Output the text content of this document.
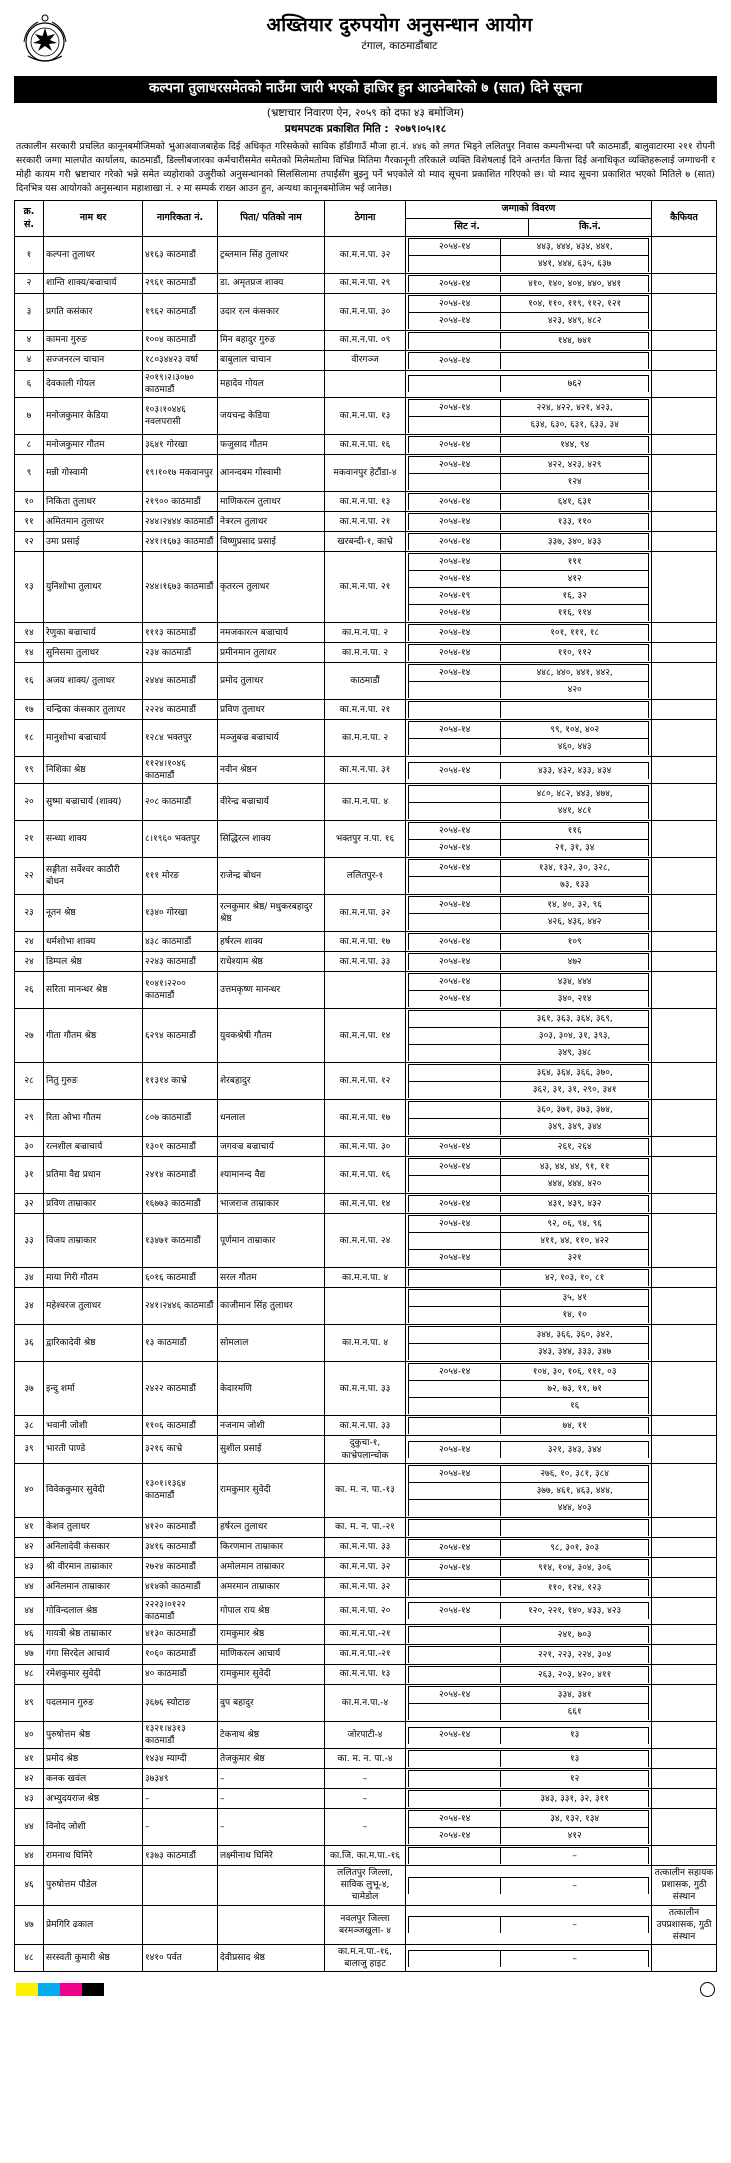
अख्तियार दुरुपयोग अनुसन्धान आयोग
टंगाल, काठमाडौंबाट
कल्पना तुलाधरसमेतको नाउँमा जारी भएको हाजिर हुन आउनेबारेको ७ (सात) दिने सूचना
(भ्रष्टाचार निवारण ऐन, २०५९ को दफा ४३ बमोजिम)
प्रथमपटक प्रकाशित मिति : २०७९।०५।१८
तत्कालीन सरकारी प्रचलित कानूनबमोजिमको भुआअवाजबाहेक दिई अधिकृत गरिसकेको साविक हाँडीगाउँ मौजा हा.नं. ४४६ को लगत भिड्ने ललितपुर निवास कम्पनीभन्दा परै काठमाडौं, बालुवाटारमा २११ रोपनी सरकारी जग्गा मालपोत कार्यालय, काठमाडौं, डिल्लीबजारका कर्मचारीसमेत समेतको मिलेमतोमा विभिन्न मितिमा गैरकानूनी तरिकाले व्यक्ति विशेषलाई दिने अन्तर्गत कित्ता दिई अनाधिकृत व्यक्तिहरूलाई जग्गाधनी र मोही कायम गरी भ्रष्टाचार गरेको भन्ने समेत व्यहोराको उजुरीको अनुसन्धानको सिलसिलामा तपाईंसँग बुझ्नु पर्ने भएकोले यो म्याद सूचना प्रकाशित गरिएको छ। यो म्याद सूचना प्रकाशित भएको मितिले ७ (सात) दिनभित्र यस आयोगको अनुसन्धान महाशाखा नं. २ मा सम्पर्क राख्न आउन हुन, अन्यथा कानूनबमोजिम भई जानेछ।
क्र.
सं.
	नाम थर	नागरिकता नं.	पिता/ पतिको नाम	ठेगाना	जग्गाको विवरण	कैफियत
सिट नं.	कि.नं.
१	कल्पना तुलाधर	४१६३ काठमाडौं	ट्रब्लमान सिंह तुलाधर	का.म.न.पा. ३२	
२०५४-१४	४४३, ४४४, ४३४, ४४१,
	४४१, ४४४, ६३५, ६३७

२	शान्ति शाक्य/बज्राचार्य	२९६१ काठमाडौं	डा. अमृतप्रज शाक्य	का.म.न.पा. २९		२०५४-१४	४१०, १४०, ४०४, ४४०, ४४१

३	प्रगति कसंकार	१९६२ काठमाडौं	उदार रत्न कंसकार	का.म.न.पा. ३०	
२०५४-१४	१०४, ११०, ११९, ११२, १२१
२०५४-१४	४२३, ४४९, ४८२

४	कामना गुरुङ	१००४ काठमाडौं	मिन बहादुर गुरुङ	का.म.न.पा. ०९	
		१४४, ७४१

४	सज्जनरत्न चाचान	१८०३४४२३ वर्षा	बाबुलाल चाचान	वीरगञ्ज		२०५४-१४	

६	देवकाली गोयल	२०१९।२।३०७० काठमाडौं	महादेव गोयल		
		७६२

७	मनोजकुमार केडिया	१०३।१०४४६ नवलपरासी	जयचन्द्र केडिया	का.म.न.पा. १३	
२०५४-१४	२२४, ४२२, ४२१, ४२३,
	६३४, ६३०, ६३१, ६३३, ३४

८	मनोजकुमार गौतम	३६४१ गोरखा	फजुसाद गौतम	का.म.न.पा. १६		२०५४-१४	१४४, ९४

९	मन्नी गोस्वामी	१९।१०१७ मकवानपुर	आनन्दबम गोस्वामी	मकवानपुर हेटौंडा-४	
२०५४-१४	४२२, ४२३, ४२९
	१२४

१०	निकिता तुलाधर	२१९०० काठमाडौं	माणिकरत्न तुलाधर	का.म.न.पा. १३		२०५४-१४	६४१, ६३१

११	अमितमान तुलाधर	२४४।२४४४ काठमाडौं	नेत्ररत्न तुलाधर	का.म.न.पा. २१		२०५४-१४	१३३, ११०

१२	उमा प्रसाई	२४१।१६७३ काठमाडौं	विष्णुप्रसाद प्रसाई	खरबन्दी-१, काभ्रे		२०५४-१४	३३७, ३४०, ४३३

१३	युनिशोभा तुलाधर	२४४।१६७३ काठमाडौं	कृतरत्न तुलाधर	का.म.न.पा. २१	
२०५४-१४	१११
२०५४-१४	४१२
२०५४-१९	१६, ३२
२०५४-१४	११६, ११४

१४	रेणुका बज्राचार्य	१११३ काठमाडौं	नमजकारत्न बज्राचार्य	का.म.न.पा. २		२०५४-१४	१०१, १११, १८

१४	सुनिसमा तुलाधर	२३४ काठमाडौं	प्रमीनमान तुलाधर	का.म.न.पा. २		२०५४-१४	११०, ११२

१६	अजय शाक्य/ तुलाधर	२४४४ काठमाडौं	प्रमोद तुलाधर	काठमाडौं	
२०५४-१४	४४८, ४४०, ४४१, ४४२,
	४२०

१७	चन्द्रिका कंसकार तुलाधर	२२२४ काठमाडौं	प्रविण तुलाधर	का.म.न.पा. २१	

१८	मानुशोभा बज्राचार्य	१२८४ भक्तपुर	मञ्जुबज्र बज्राचार्य	का.म.न.पा. २	
२०५४-१४	९९, १०४, ४०२
	४६०, ४४३

१९	निशिका श्रेष्ठ	११२४।१०४६ काठमाडौं	नवीन श्रेष्ठन	का.म.न.पा. ३१		२०५४-१४	४३३, ४३२, ४३३, ४३४

२०	सुष्मा बज्राचार्य (शाक्य)	२०८ काठमाडौं	वीरेन्द्र बज्राचार्य	का.म.न.पा. ४	
	४८०, ४८२, ४४३, ४७४,
	४४१, ४८१

२१	सन्ध्या शाक्य	८।१९६० भक्तपुर	सिद्धिरत्न शाक्य	भक्तपुर न.पा. १६	
२०५४-१४	११६
२०५४-१४	२१, ३१, ३४

२२	सङ्गीता सर्वेश्वर काठौरी बोधन	१११ मोरङ	राजेन्द्र बोधन	ललितपुर-१	
२०५४-१४	१३४, १३२, ३०, ३२८,
	७३, १३३

२३	नूतन श्रेष्ठ	१३४० गोरखा	रत्नकुमार श्रेष्ठ/ मधुकरबहादुर श्रेष्ठ	का.म.न.पा. ३२	
२०५४-१४	१४, ४०, ३२, ९६
	४२६, ४३६, ४४२

२४	धर्मशोभा शाक्य	४३८ काठमाडौं	हर्षरत्न शाक्य	का.म.न.पा. १७		२०५४-१४	१०९

२४	डिम्पल श्रेष्ठ	२२४३ काठमाडौं	राधेश्याम श्रेष्ठ	का.म.न.पा. ३३		२०५४-१४	४७२

२६	सरिता मानन्धर श्रेष्ठ	१०४१।२२०० काठमाडौं	उत्तमकृष्ण मानन्धर		
२०५४-१४	४३४, ४४४
२०५४-१४	३४०, २१४

२७	गीता गौतम श्रेष्ठ	६२९४ काठमाडौं	युवकश्रेषी गौतम	का.म.न.पा. १४	
	३६१, ३६३, ३६४, ३६९,
	३०३, ३०४, ३१, ३९३,
	३४९, ३४८

२८	नितु गुरुङ	११३१४ काभ्रे	शेरबहादुर	का.म.न.पा. १२	
	३६४, ३६४, ३६६, ३७०,
	३६२, ३१, ३१, २९०, ३४१

२९	रिता ओभा गौतम	८०७ काठमाडौं	धनलाल	का.म.न.पा. १७	
	३६०, ३७१, ३७३, ३७४,
	३४९, ३४९, ३४४

३०	रत्नशील बज्राचार्य	१३०१ काठमाडौं	जगवज्र बज्राचार्य	का.म.न.पा. ३०		२०५४-१४	२६१, २६४

३१	प्रतिमा वैद्य प्रधान	२४१४ काठमाडौं	श्यामानन्द वैद्य	का.म.न.पा. १६	
२०५४-१४	४३, ४४, ४४, ९१, ११
	४४४, ४४४, ४२०

३२	प्रविण ताम्राकार	१६७७३ काठमाडौं	भाजराज ताम्राकार	का.म.न.पा. १४		२०५४-१४	४३१, ४३९, ४३२

३३	विजय ताम्राकार	१३४७१ काठमाडौं	पूर्णमान ताम्राकार	का.म.न.पा. २४	
२०५४-१४	९२, ०६, ९४, ९६
	४११, ४४, ११०, ४२२
२०५४-१४	३२१

३४	माया गिरी गौतम	६०१६ काठमाडौं	सरल गौतम	का.म.न.पा. ४	
		४२, १०३, १०, ८१

३४	महेश्वरज तुलाधर	२४१।२४४६ काठमाडौं	काजीमान सिंह तुलाधर		
	३५, ४१
	१४, १०

३६	द्वारिकादेवी श्रेष्ठ	१३ काठमाडौं	सोमलाल	का.म.न.पा. ४	
	३४४, ३६६, ३६०, ३४२,
	३४३, ३४४, ३३३, ३४७

३७	इन्दु शर्मा	२४२२ काठमाडौं	केदारमणि	का.म.न.पा. ३३	
२०५४-१४	१०४, ३०, १०६, १११, ०३
	७२, ७३, ११, ७१
	१६

३८	भवानी जोशी	११०६ काठमाडौं	नजनाम जोशी	का.म.न.पा. ३३	
		७४, ११

३९	भारती पाण्डे	३२१६ काभ्रे	सुशील प्रसाई	दुकुचा-१, काभ्रेपलान्चोक	
२०५४-१४	३२१, ३४३, ३४४

४०	विवेककुमार सुवेदी	१३०१।१३६४ काठमाडौं	रामकुमार सुवेदी	का. म. न. पा.-१३	
२०५४-१४	२७६, १०, ३८१, ३८४
	३७७, ४६१, ४६३, ४४४,
	४४४, ४०३

४१	केशव तुलाधर	४१२० काठमाडौं	हर्षरत्न तुलाधर	का. म. न. पा.-२१	

४२	अनिलादेवी कंसकार	३४१६ काठमाडौं	किरणमान ताम्राकार	का.म.न.पा. ३३		२०५४-१४	९८, ३०१, ३०३

४३	श्री वीरमान ताम्राकार	२७२४ काठमाडौं	अमोलमान ताम्राकार	का.म.न.पा. ३२		२०५४-१४	९१४, १०४, ३०४, ३०६

४४	अनिलमान ताम्राकार	४१४को काठमाडौं	अमरमान ताम्राकार	का.म.न.पा. ३२	
		११०, १२४, १२३

४४	गोविन्दलाल श्रेष्ठ	२२२३।०१२२ काठमाडौं	गोपाल राय श्रेष्ठ	का.म.न.पा. २०		२०५४-१४	१२०, २२१, १४०, ४३३, ४२३

४६	गायत्री श्रेष्ठ ताम्राकार	४१३० काठमाडौं	रामकुमार श्रेष्ठ	का.म.न.पा.-२१	
		२४१, ७०३

४७	गंगा सिरदेल आचार्य	१०६० काठमाडौं	माणिकरत्न आचार्य	का.म.न.पा.-२१	
		२२१, २२३, २२४, ३०४

४८	रमेशकुमार सुवेदी	४० काठमाडौं	रामकुमार सुवेदी	का.म.न.पा. १३	
		२६३, २०३, ४२०, ४११

४९	पदलमान गुरुङ	३६७६ स्योटाङ	वुप बहादुर	का.म.न.पा.-४	
२०५४-१४	३३४, ३४१
	६६१

४०	पुरुषोत्तम श्रेष्ठ	१३२१।४३१३ काठमाडौं	टेकनाथ श्रेष्ठ	जोरपाटी-४		२०५४-१४	१३

४१	प्रमोद श्रेष्ठ	१४३४ म्याग्दी	तेजकुमार श्रेष्ठ	का. म. न. पा.-४	
		१३

४२	कनक खवंल	३७३४९	–	–	
		१२

४३	अभ्युदयराज श्रेष्ठ	–	–	–	
		३४३, ३३१, ३२, ३११

४४	विनोद जोशी	–	–	–	
२०५४-१४	३४, १३२, १३४
२०५४-१४	४१२

४४	रामनाथ घिमिरे	१३७३ काठमाडौं	लक्ष्मीनाथ घिमिरे	का.जि. का.म.पा.-१६	
		–

४६	पुरुषोत्तम पौडेल			ललितपुर जिल्ला, साविक लुभू-४, चामेडोल	
	–
	तत्कालीन सहायक प्रशासक, गुठी संस्थान
४७	प्रेमगिरि ढकाल			नवलपुर जिल्ला बरमञ्जखुला- ४	
	–
	तत्कालीन उपप्रशासक, गुठी संस्थान
४८	सरस्वती कुमारी श्रेष्ठ	१४१० पर्वत	देवीप्रसाद श्रेष्ठ	का.म.न.पा.-१६, बालाजु हाइट	
	–
